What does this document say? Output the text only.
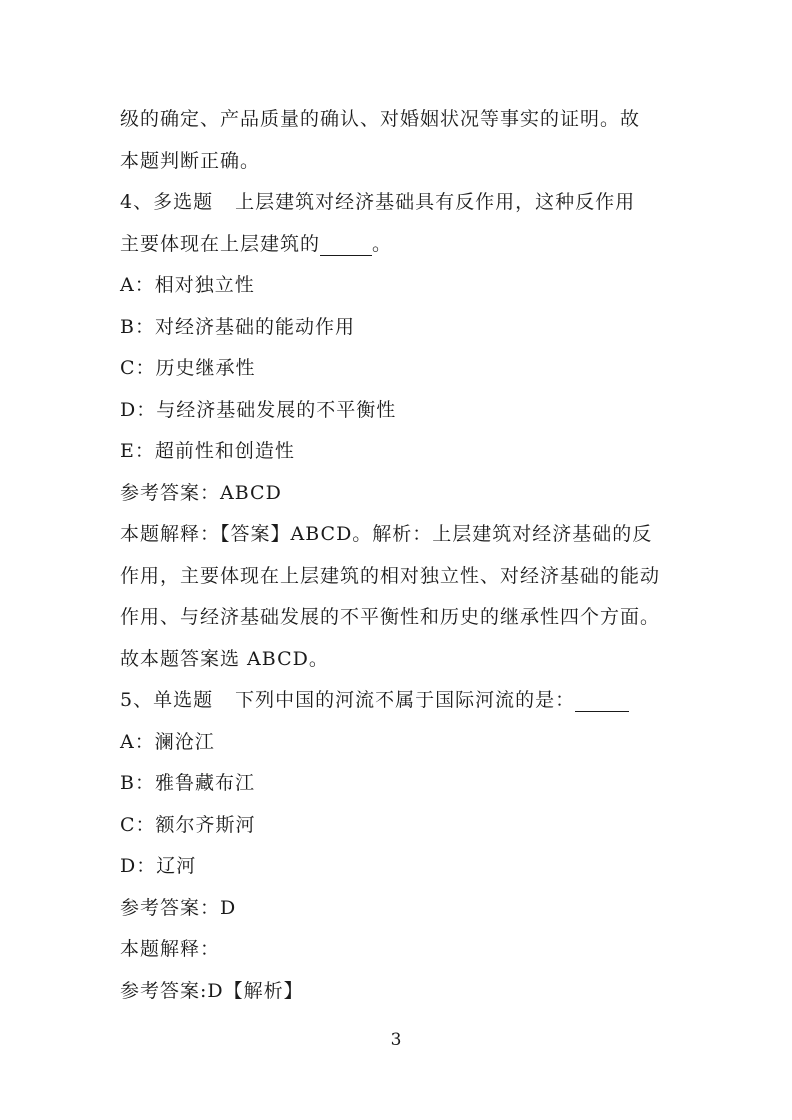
级的确定、产品质量的确认、对婚姻状况等事实的证明。故
本题判断正确。
4、多选题 上层建筑对经济基础具有反作用，这种反作用
主要体现在上层建筑的	。
A：相对独立性
B：对经济基础的能动作用
C：历史继承性
D：与经济基础发展的不平衡性
E：超前性和创造性
参考答案：ABCD
本题解释：【答案】ABCD。解析：上层建筑对经济基础的反作用，主要体现在上层建筑的相对独立性、对经济基础的能动作用、与经济基础发展的不平衡性和历史的继承性四个方面。故本题答案选 ABCD。
5、单选题 下列中国的河流不属于国际河流的是：
A：澜沧江
B：雅鲁藏布江
C：额尔齐斯河
D：辽河
参考答案：D
本题解释：
参考答案:D【解析】
3
